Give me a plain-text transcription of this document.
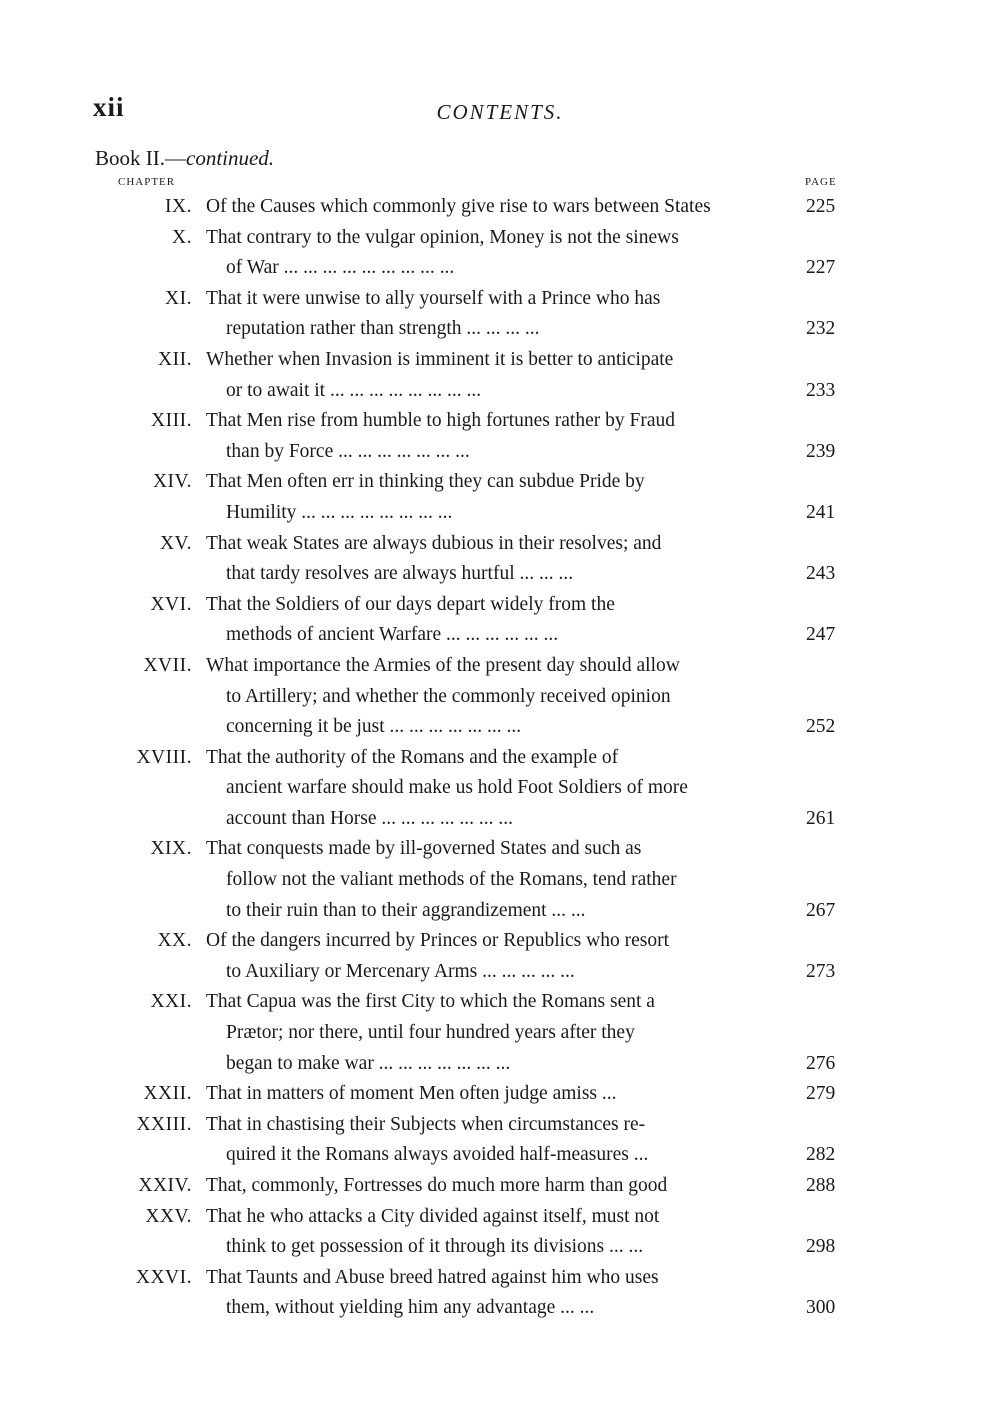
xii	CONTENTS.
Book II.—continued.
CHAPTER	PAGE
IX. Of the Causes which commonly give rise to wars between States	225
X. That contrary to the vulgar opinion, Money is not the sinews
of War ... ... ... ... ... ... ... ... ...	227
XI. That it were unwise to ally yourself with a Prince who has
reputation rather than strength ... ... ... ...	232
XII. Whether when Invasion is imminent it is better to anticipate
or to await it ... ... ... ... ... ... ... ...	233
XIII. That Men rise from humble to high fortunes rather by Fraud
than by Force ... ... ... ... ... ... ...	239
XIV. That Men often err in thinking they can subdue Pride by
Humility ... ... ... ... ... ... ... ...	241
XV. That weak States are always dubious in their resolves; and
that tardy resolves are always hurtful ... ... ...	243
XVI. That the Soldiers of our days depart widely from the
methods of ancient Warfare ... ... ... ... ... ...	247
XVII. What importance the Armies of the present day should allow
to Artillery; and whether the commonly received opinion
concerning it be just ... ... ... ... ... ... ...	252
XVIII. That the authority of the Romans and the example of
ancient warfare should make us hold Foot Soldiers of more
account than Horse ... ... ... ... ... ... ...	261
XIX. That conquests made by ill-governed States and such as
follow not the valiant methods of the Romans, tend rather
to their ruin than to their aggrandizement ... ...	267
XX. Of the dangers incurred by Princes or Republics who resort
to Auxiliary or Mercenary Arms ... ... ... ... ...	273
XXI. That Capua was the first City to which the Romans sent a
Prætor; nor there, until four hundred years after they
began to make war ... ... ... ... ... ... ...	276
XXII. That in matters of moment Men often judge amiss ...	279
XXIII. That in chastising their Subjects when circumstances re-
quired it the Romans always avoided half-measures ...	282
XXIV. That, commonly, Fortresses do much more harm than good	288
XXV. That he who attacks a City divided against itself, must not
think to get possession of it through its divisions ... ...	298
XXVI. That Taunts and Abuse breed hatred against him who uses
them, without yielding him any advantage ... ...	300
